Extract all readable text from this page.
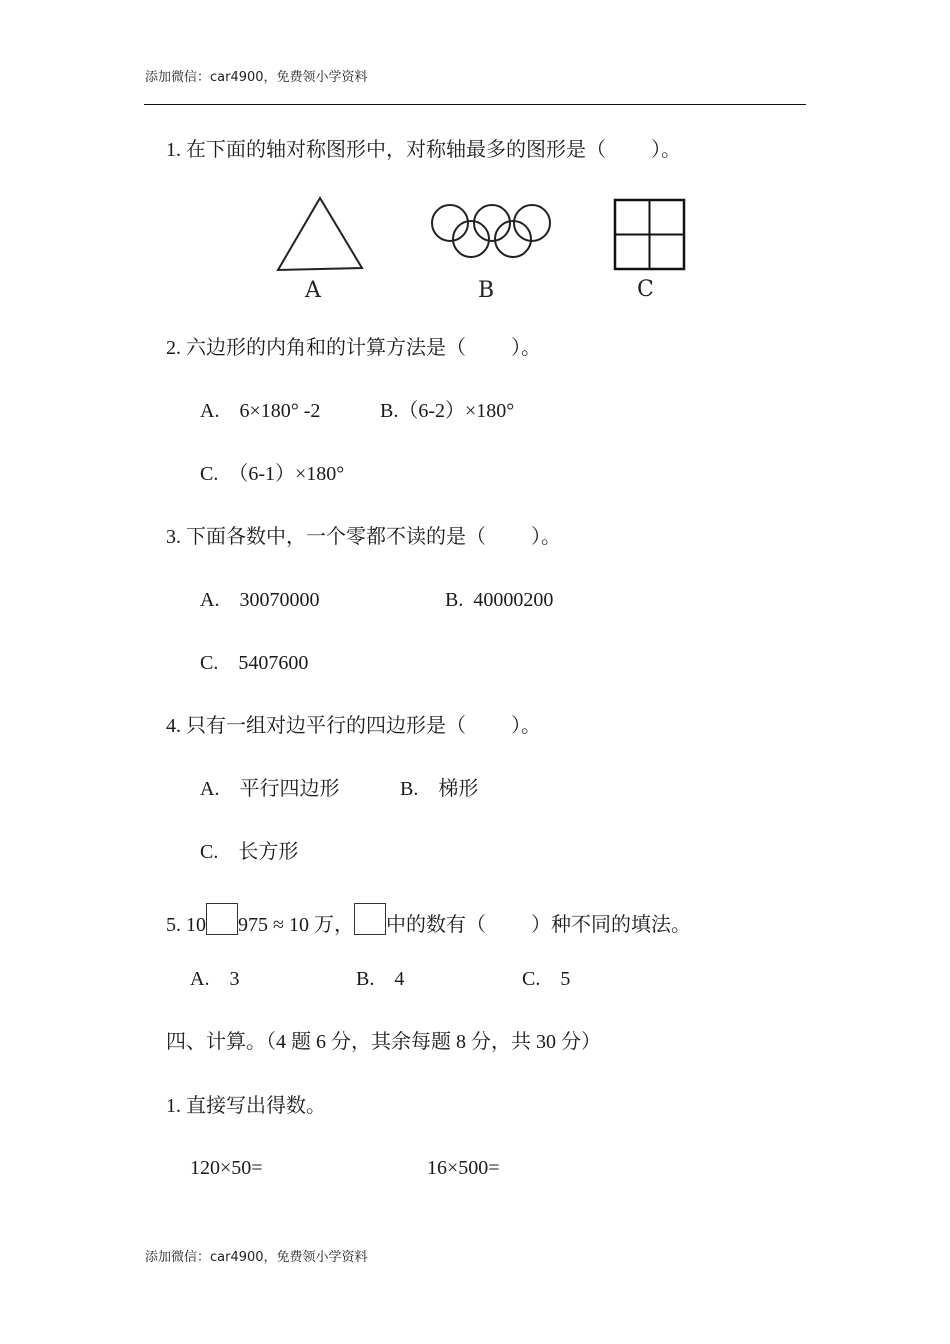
添加微信：car4900，免费领小学资料
1. 在下面的轴对称图形中，对称轴最多的图形是（　　 ）。
A	B	C
2. 六边形的内角和的计算方法是（　　 ）。
A.　6×180° -2	B.（6-2）×180°
C.　（6-1）×180°
3. 下面各数中，一个零都不读的是（　　 ）。
A.　30070000	B.  40000200
C.　5407600
4. 只有一组对边平行的四边形是（　　 ）。
A.　平行四边形	B.　梯形
C.　长方形
5. 10 975 ≈ 10 万， 中的数有（　　 ）种不同的填法。
A.　3	B.　4	C.　5
四、计算。（4 题 6 分，其余每题 8 分，共 30 分）
1. 直接写出得数。
120×50=	16×500=
添加微信：car4900，免费领小学资料
